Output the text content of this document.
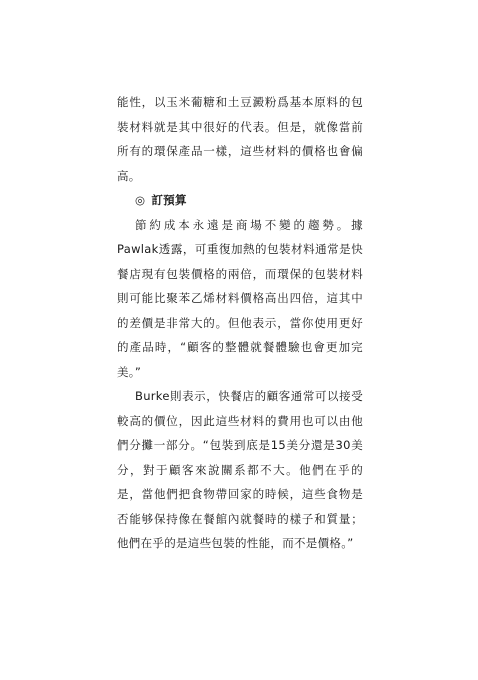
能性，以玉米葡糖和土豆澱粉爲基本原料的包裝材料就是其中很好的代表。但是，就像當前所有的環保產品一樣，這些材料的價格也會偏高。

◎ 訂預算

節約成本永遠是商場不變的趨勢。據Pawlak透露，可重復加熱的包裝材料通常是快餐店現有包裝價格的兩倍，而環保的包裝材料則可能比聚苯乙烯材料價格高出四倍，這其中的差價是非常大的。但他表示，當你使用更好的產品時，“顧客的整體就餐體驗也會更加完美。”

Burke則表示，快餐店的顧客通常可以接受較高的價位，因此這些材料的費用也可以由他們分攤一部分。“包裝到底是15美分還是30美分，對于顧客來說關系都不大。他們在乎的是，當他們把食物帶回家的時候，這些食物是否能够保持像在餐館內就餐時的樣子和質量；他們在乎的是這些包裝的性能，而不是價格。”
